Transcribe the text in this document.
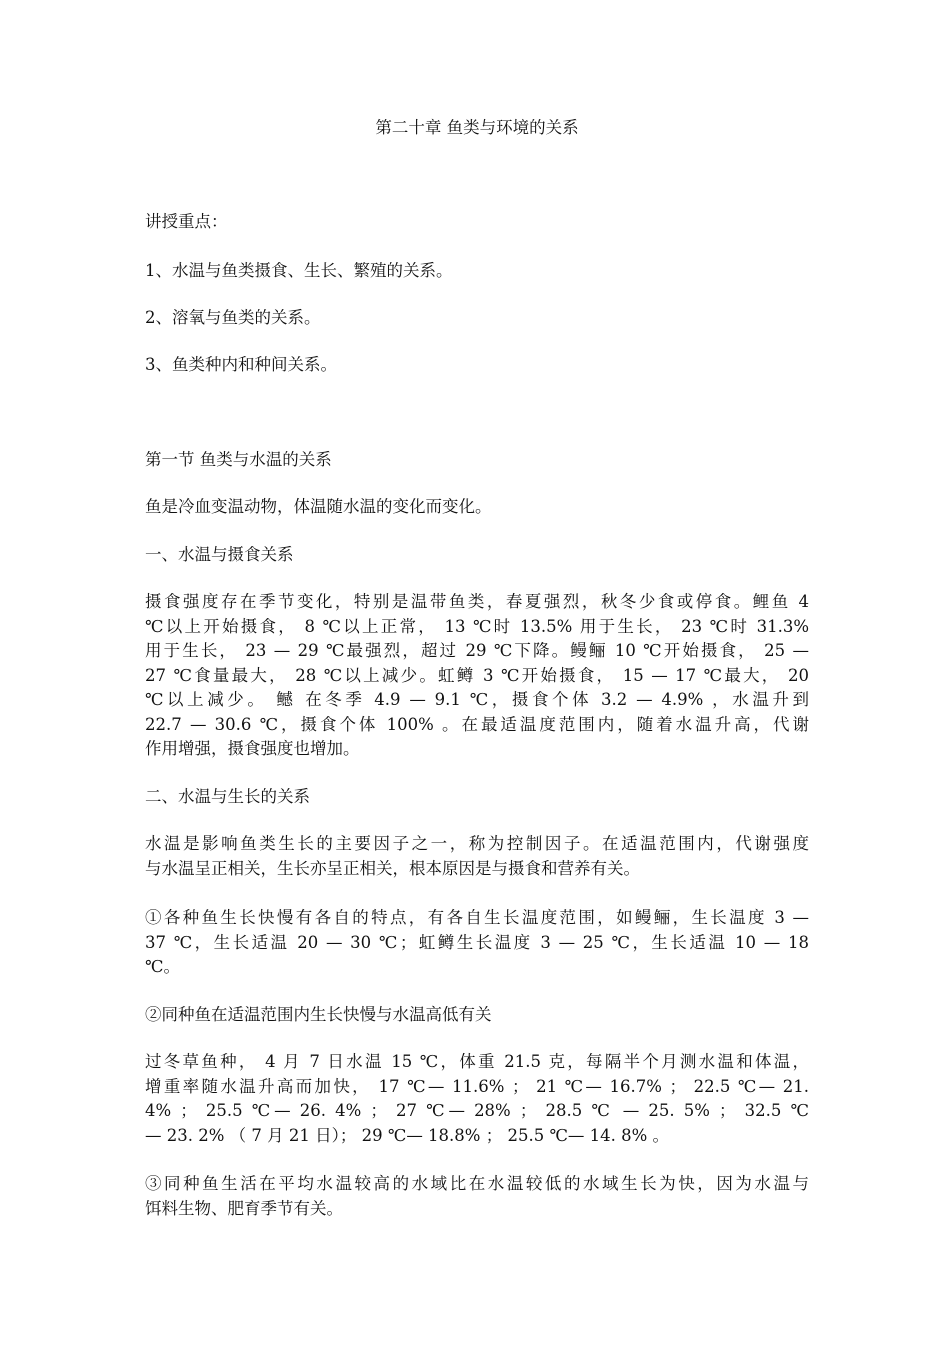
第二十章 鱼类与环境的关系
讲授重点：
1、水温与鱼类摄食、生长、繁殖的关系。
2、溶氧与鱼类的关系。
3、鱼类种内和种间关系。
第一节 鱼类与水温的关系
鱼是冷血变温动物，体温随水温的变化而变化。
一、水温与摄食关系
摄食强度存在季节变化，特别是温带鱼类，春夏强烈，秋冬少食或停食。鲤鱼 4
℃以上开始摄食， 8 ℃以上正常， 13 ℃时 13.5% 用于生长， 23 ℃时 31.3%
用于生长， 23 — 29 ℃最强烈，超过 29 ℃下降。鳗鲡 10 ℃开始摄食， 25 —
27 ℃食量最大， 28 ℃以上减少。虹鳟 3 ℃开始摄食， 15 — 17 ℃最大， 20
℃以上减少。 鳡 在冬季 4.9 — 9.1 ℃，摄食个体 3.2 — 4.9% ，水温升到
22.7 — 30.6 ℃，摄食个体 100% 。在最适温度范围内，随着水温升高，代谢
作用增强，摄食强度也增加。
二、水温与生长的关系
水温是影响鱼类生长的主要因子之一，称为控制因子。在适温范围内，代谢强度
与水温呈正相关，生长亦呈正相关，根本原因是与摄食和营养有关。
①各种鱼生长快慢有各自的特点，有各自生长温度范围，如鳗鲡，生长温度 3 —
37 ℃，生长适温 20 — 30 ℃；虹鳟生长温度 3 — 25 ℃，生长适温 10 — 18
℃。
②同种鱼在适温范围内生长快慢与水温高低有关
过冬草鱼种， 4 月 7 日水温 15 ℃，体重 21.5 克，每隔半个月测水温和体温，
增重率随水温升高而加快， 17 ℃— 11.6% ； 21 ℃— 16.7% ； 22.5 ℃— 21.
4% ； 25.5 ℃— 26. 4% ； 27 ℃— 28% ； 28.5 ℃ — 25. 5% ； 32.5 ℃
— 23. 2% （ 7 月 21 日）； 29 ℃— 18.8% ； 25.5 ℃— 14. 8% 。
③同种鱼生活在平均水温较高的水域比在水温较低的水域生长为快，因为水温与
饵料生物、肥育季节有关。
